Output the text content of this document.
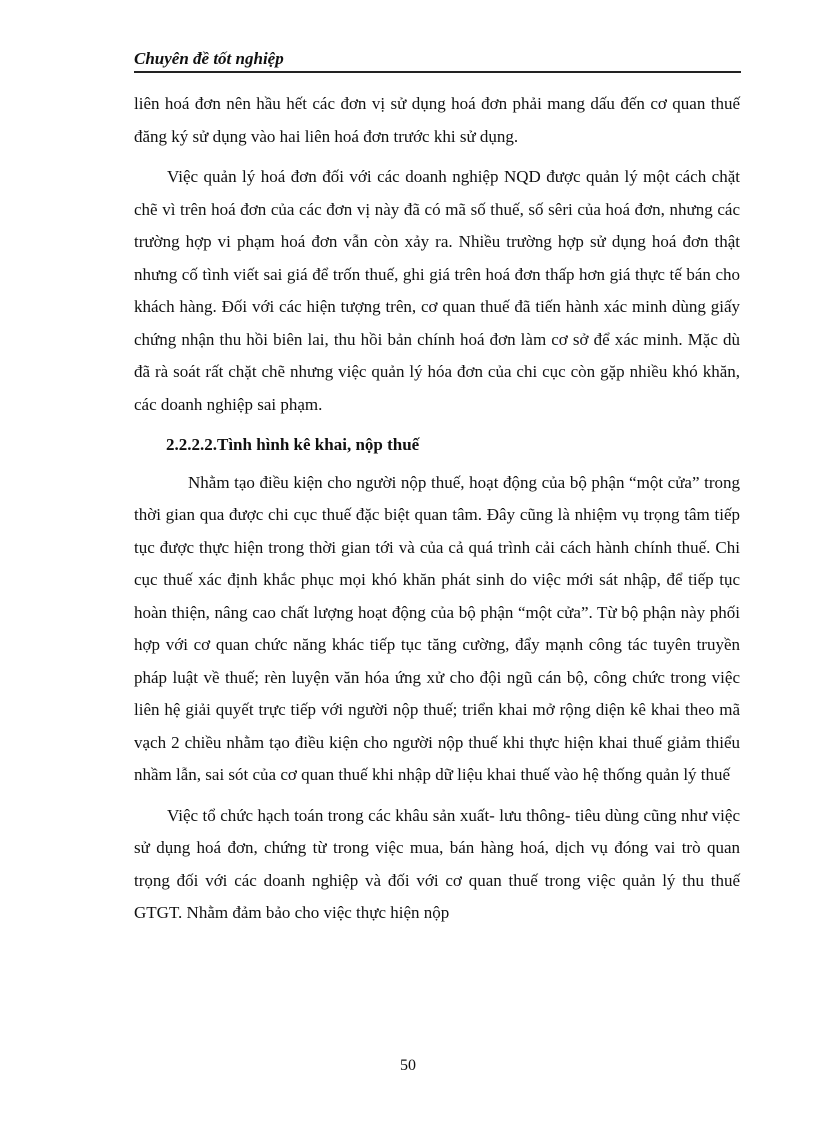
Chuyên đề tốt nghiệp

liên hoá đơn nên hầu hết các đơn vị sử dụng hoá đơn phải mang dấu đến cơ quan thuế đăng ký sử dụng vào hai liên hoá đơn trước khi sử dụng.

Việc quản lý hoá đơn đối với các doanh nghiệp NQD được quản lý một cách chặt chẽ vì trên hoá đơn của các đơn vị này đã có mã số thuế, số sêri của hoá đơn, nhưng các trường hợp vi phạm hoá đơn vẫn còn xảy ra. Nhiều trường hợp sử dụng hoá đơn thật nhưng cố tình viết sai giá để trốn thuế, ghi giá trên hoá đơn thấp hơn giá thực tế bán cho khách hàng. Đối với các hiện tượng trên, cơ quan thuế đã tiến hành xác minh dùng giấy chứng nhận thu hồi biên lai, thu hồi bản chính hoá đơn làm cơ sở để xác minh. Mặc dù đã rà soát rất chặt chẽ nhưng việc quản lý hóa đơn của chi cục còn gặp nhiều khó khăn, các doanh nghiệp sai phạm.

2.2.2.2.Tình hình kê khai, nộp thuế

Nhằm tạo điều kiện cho người nộp thuế, hoạt động của bộ phận “một cửa” trong thời gian qua được chi cục thuế đặc biệt quan tâm. Đây cũng là nhiệm vụ trọng tâm tiếp tục được thực hiện trong thời gian tới và của cả quá trình cải cách hành chính thuế. Chi cục thuế xác định khắc phục mọi khó khăn phát sinh do việc mới sát nhập, để tiếp tục hoàn thiện, nâng cao chất lượng hoạt động của bộ phận “một cửa”. Từ bộ phận này phối hợp với cơ quan chức năng khác tiếp tục tăng cường, đẩy mạnh công tác tuyên truyền pháp luật về thuế; rèn luyện văn hóa ứng xử cho đội ngũ cán bộ, công chức trong việc liên hệ giải quyết trực tiếp với người nộp thuế; triển khai mở rộng diện kê khai theo mã vạch 2 chiều nhằm tạo điều kiện cho người nộp thuế khi thực hiện khai thuế giảm thiểu nhầm lẫn, sai sót của cơ quan thuế khi nhập dữ liệu khai thuế vào hệ thống quản lý thuế

Việc tổ chức hạch toán trong các khâu sản xuất- lưu thông- tiêu dùng cũng như việc sử dụng hoá đơn, chứng từ trong việc mua, bán hàng hoá, dịch vụ đóng vai trò quan trọng đối với các doanh nghiệp và đối với cơ quan thuế trong việc quản lý thu thuế GTGT. Nhằm đảm bảo cho việc thực hiện nộp

50
